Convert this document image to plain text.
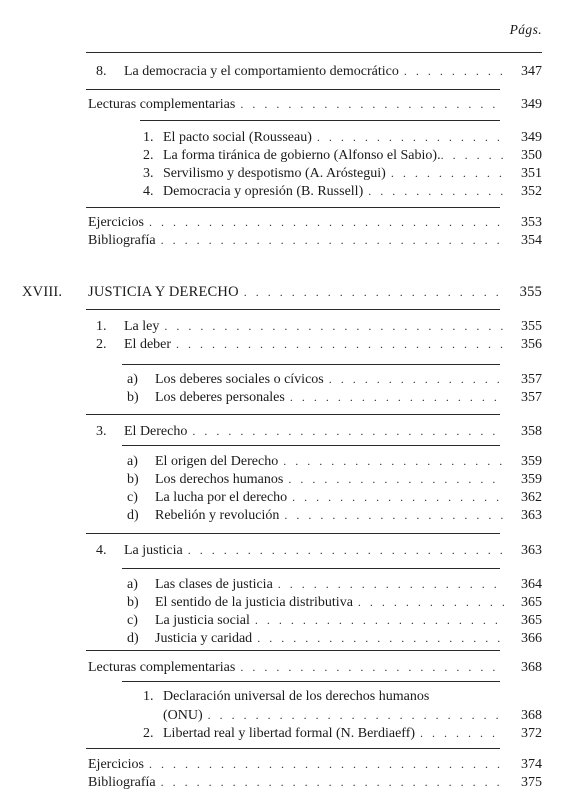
Págs.
8.	La democracia y el comportamiento democrático . . .	347
Lecturas complementarias . . .	349
1. El pacto social (Rousseau) . . .	349
2. La forma tiránica de gobierno (Alfonso el Sabio). . . .	350
3. Servilismo y despotismo (A. Aróstegui) . . .	351
4. Democracia y opresión (B. Russell) . . .	352
Ejercicios . . .	353
Bibliografía . . .	354
XVIII.	JUSTICIA Y DERECHO . . .	355
1.	La ley . . .	355
2.	El deber . . .	356
a)	Los deberes sociales o cívicos . . .	357
b)	Los deberes personales . . .	357
3.	El Derecho . . .	358
a)	El origen del Derecho . . .	359
b)	Los derechos humanos . . .	359
c)	La lucha por el derecho . . .	362
d)	Rebelión y revolución . . .	363
4.	La justicia . . .	363
a)	Las clases de justicia . . .	364
b)	El sentido de la justicia distributiva . . .	365
c)	La justicia social . . .	365
d)	Justicia y caridad . . .	366
Lecturas complementarias . . .	368
1. Declaración universal de los derechos humanos
(ONU) . . .	368
2. Libertad real y libertad formal (N. Berdiaeff) . . .	372
Ejercicios . . .	374
Bibliografía . . .	375
